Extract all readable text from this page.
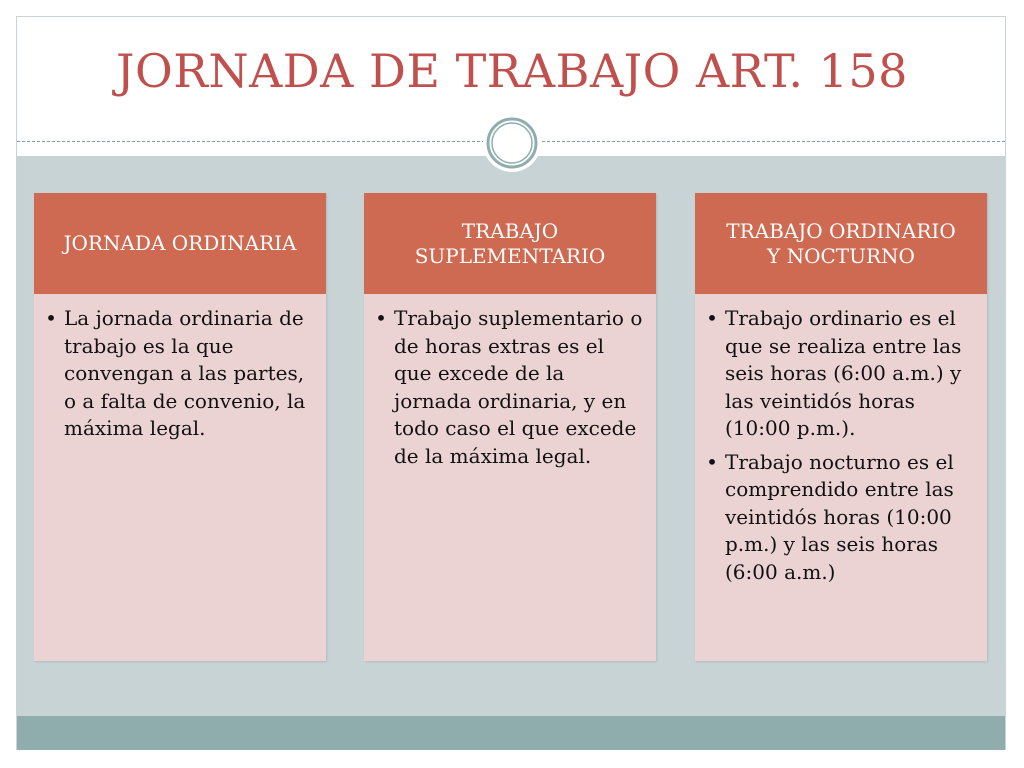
JORNADA DE TRABAJO ART. 158
JORNADA ORDINARIA
• La jornada ordinaria de trabajo es la que convengan a las partes, o a falta de convenio, la máxima legal.
TRABAJO SUPLEMENTARIO
• Trabajo suplementario o de horas extras es el que excede de la jornada ordinaria, y en todo caso el que excede de la máxima legal.
TRABAJO ORDINARIO Y NOCTURNO
• Trabajo ordinario es el que se realiza entre las seis horas (6:00 a.m.) y las veintidós horas (10:00 p.m.).
• Trabajo nocturno es el comprendido entre las veintidós horas (10:00 p.m.) y las seis horas (6:00 a.m.)
